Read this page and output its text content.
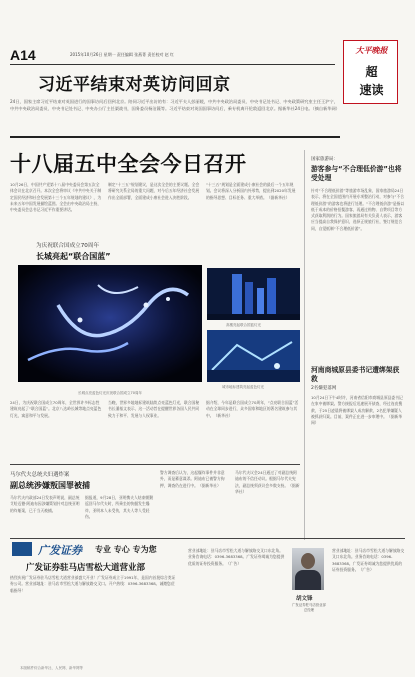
A14	2015年10月26日 星期一 责任编辑 张燕菁 责任校对 赵 红	大平晚报
超
速读
习近平结束对英访问回京
24日，国家主席习近平结束对英国进行的国事访问后回到北京。陪同习近平出访的有：习近平夫人彭丽媛，中共中央政治局委员、中央书记处书记、中央政策研究室主任王沪宁，中共中央政治局委员、中央书记处书记、中央办公厅主任栗战书，国务委员杨洁篪等。习近平结束对英国国事访问后，乘专机离开伦敦返回北京。据新华社24日电。（摘自新华网）
十八届五中全会今日召开
10月26日，中国共产党第十八届中央委员会第五次全体会议在北京召开。本次全会将审议《中共中央关于制定国民经济和社会发展第十三个五年规划的建议》，为未来五年中国发展描绘蓝图。全会由中央政治局主持，中央委员会总书记习近平作重要讲话。
制定“十三五”规划建议，是这次全会的主要议题。全会将研究关系全局的重大问题，对今后五年经济社会发展作出全面部署，全面建成小康社会进入决胜阶段。
“十三五”规划是全面建成小康社会的最后一个五年规划。会议将深入分析国内外形势，提出到2020年发展的指导思想、目标任务、重大举措。（据新华社）
国家旅游局：
游客参与“不合理低价游”也将受处理
针对“不合理低价游”等旅游市场乱象，国家旅游局24日表示，将在全国范围内开展专项整治行动，对参与“不合理低价游”的游客也将进行处理。“不合理低价游”是指以低于成本的价格招揽游客，再通过购物、自费项目等方式获取利润的行为。国家旅游局有关负责人表示，游客应当提高自我保护意识，选择正规旅行社，签订规范合同，自觉抵制“不合理低价游”。
河南商城原县委书记遭绑架获救
2名嫌犯落网
10月24日下午4时许，河南省信阳市商城县原县委书记在家中被绑架。警方接报后迅速展开侦查，经过连夜搜救，于25日凌晨将被绑架人成功解救，2名犯罪嫌疑人被抓获归案。目前，案件正在进一步审理中。（据新华网）
为庆祝联合国成立70周年
长城亮起“联合国蓝”
长城点亮蓝色灯光庆祝联合国成立70周年
高楼亮起联合国蓝灯光
城市地标建筑亮起蓝色灯光
24日，为庆祝联合国成立70周年，全世界许多标志性建筑亮起了“联合国蓝”。北京八达岭长城等地点亮蓝色灯光，寓意和平与发展。
当晚，世界多地地标建筑陆续点亮蓝色灯光，联合国秘书长潘基文表示，这一活动旨在提醒世界各国人民共同致力于和平、发展与人权事业。
据介绍，今年是联合国成立70周年，“点亮联合国蓝”活动在全球同步进行，众多国家和地区的著名建筑参与其中。（新华社）
马尔代夫总统夫妇遇炸案
副总统涉嫌叛国罪被捕
马尔代夫内政部24日发表声明说，副总统艾哈迈德·阿迪布因涉嫌策划针对总统亚明的炸船案，已于当天被捕。
据报道，9月28日，亚明携夫人结束朝觐返回马尔代夫时，所乘坐的快艇发生爆炸，亚明本人未受伤，其夫人等人受轻伤。
警方调查后认为，这起爆炸事件并非意外，而是蓄意谋杀。阿迪布已被警方拘押，调查仍在进行中。（据新华社）
马尔代夫议会24日通过了对副总统阿迪布的不信任动议。根据马尔代夫宪法，副总统须获议会多数支持。（据新华社）
广发证券 专业 专心 专为您
广发证券驻马店雪松大道营业部
热烈庆祝广发证券驻马店雪松大道营业部盛大开业！广发证券成立于1991年，是国内首批综合类证券公司。营业部地址：驻马店市雪松大道与解放路交叉口。开户热线：0396-3683368。诚邀您莅临指导！
营业部地址：驻马店市雪松大道与解放路交叉口东北角。业务咨询电话：0396-3683368。广发证券竭诚为您提供优质的证券投资服务。（广告）
胡文锋
广发证券驻马店营业部总经理
营业部地址：驻马店市雪松大道与解放路交叉口东北角。业务咨询电话：0396-3683368。广发证券竭诚为您提供优质的证券投资服务。（广告）
本版稿件综合新华社、人民网、新华网等
